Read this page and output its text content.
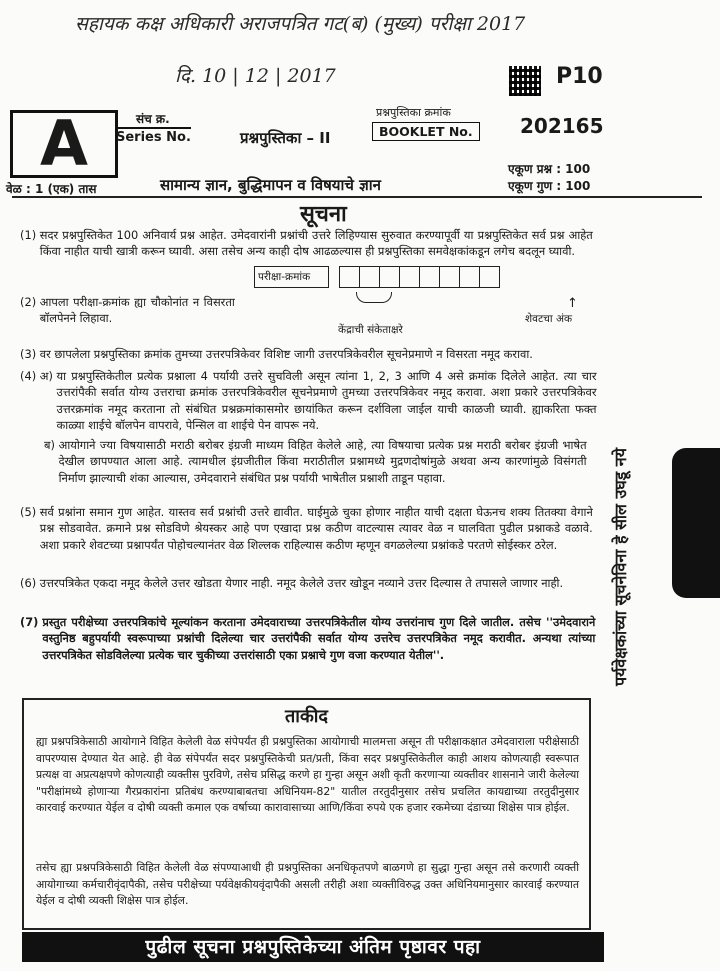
सहायक कक्ष अधिकारी अराजपत्रित गट(ब) (मुख्य) परीक्षा 2017
दि. 10 | 12 | 2017	P10
A	संच क्र.
Series No.	प्रश्नपुस्तिका – II
प्रश्नपुस्तिका क्रमांक
BOOKLET No.	202165
एकूण प्रश्न : 100
एकूण गुण : 100
वेळ : 1 (एक) तास	सामान्य ज्ञान, बुद्धिमापन व विषयाचे ज्ञान
सूचना
(1) सदर प्रश्नपुस्तिकेत 100 अनिवार्य प्रश्न आहेत. उमेदवारांनी प्रश्नांची उत्तरे लिहिण्यास सुरुवात करण्यापूर्वी या प्रश्नपुस्तिकेत सर्व प्रश्न आहेत किंवा नाहीत याची खात्री करून घ्यावी. असा तसेच अन्य काही दोष आढळल्यास ही प्रश्नपुस्तिका समवेक्षकांकडून लगेच बदलून घ्यावी.
(2) आपला परीक्षा-क्रमांक ह्या चौकोनांत न विसरता बॉलपेनने लिहावा.
परीक्षा-क्रमांक									
केंद्राची संकेताक्षरे
↑
शेवटचा अंक
(3) वर छापलेला प्रश्नपुस्तिका क्रमांक तुमच्या उत्तरपत्रिकेवर विशिष्ट जागी उत्तरपत्रिकेवरील सूचनेप्रमाणे न विसरता नमूद करावा.
(4) अ) या प्रश्नपुस्तिकेतील प्रत्येक प्रश्नाला 4 पर्यायी उत्तरे सुचविली असून त्यांना 1, 2, 3 आणि 4 असे क्रमांक दिलेले आहेत. त्या चार उत्तरांपैकी सर्वात योग्य उत्तराचा क्रमांक उत्तरपत्रिकेवरील सूचनेप्रमाणे तुमच्या उत्तरपत्रिकेवर नमूद करावा. अशा प्रकारे उत्तरपत्रिकेवर उत्तरक्रमांक नमूद करताना तो संबंधित प्रश्नक्रमांकासमोर छायांकित करून दर्शविला जाईल याची काळजी घ्यावी. ह्याकरिता फक्त काळ्या शाईचे बॉलपेन वापरावे, पेन्सिल वा शाईचे पेन वापरू नये.
ब) आयोगाने ज्या विषयासाठी मराठी बरोबर इंग्रजी माध्यम विहित केलेले आहे, त्या विषयाचा प्रत्येक प्रश्न मराठी बरोबर इंग्रजी भाषेत देखील छापण्यात आला आहे. त्यामधील इंग्रजीतील किंवा मराठीतील प्रश्नामध्ये मुद्रणदोषांमुळे अथवा अन्य कारणांमुळे विसंगती निर्माण झाल्याची शंका आल्यास, उमेदवाराने संबंधित प्रश्न पर्यायी भाषेतील प्रश्नाशी ताडून पहावा.
(5) सर्व प्रश्नांना समान गुण आहेत. यास्तव सर्व प्रश्नांची उत्तरे द्यावीत. घाईमुळे चुका होणार नाहीत याची दक्षता घेऊनच शक्य तितक्या वेगाने प्रश्न सोडवावेत. क्रमाने प्रश्न सोडविणे श्रेयस्कर आहे पण एखादा प्रश्न कठीण वाटल्यास त्यावर वेळ न घालविता पुढील प्रश्नाकडे वळावे. अशा प्रकारे शेवटच्या प्रश्नापर्यंत पोहोचल्यानंतर वेळ शिल्लक राहिल्यास कठीण म्हणून वगळलेल्या प्रश्नांकडे परतणे सोईस्कर ठरेल.
(6) उत्तरपत्रिकेत एकदा नमूद केलेले उत्तर खोडता येणार नाही. नमूद केलेले उत्तर खोडून नव्याने उत्तर दिल्यास ते तपासले जाणार नाही.
(7) प्रस्तुत परीक्षेच्या उत्तरपत्रिकांचे मूल्यांकन करताना उमेदवाराच्या उत्तरपत्रिकेतील योग्य उत्तरांनाच गुण दिले जातील. तसेच ''उमेदवाराने वस्तुनिष्ठ बहुपर्यायी स्वरूपाच्या प्रश्नांची दिलेल्या चार उत्तरांपैकी सर्वात योग्य उत्तरेच उत्तरपत्रिकेत नमूद करावीत. अन्यथा त्यांच्या उत्तरपत्रिकेत सोडविलेल्या प्रत्येक चार चुकीच्या उत्तरांसाठी एका प्रश्नाचे गुण वजा करण्यात येतील''.	पर्यवेक्षकांच्या सूचनेविना हे सील उघडू नये
ताकीद
ह्या प्रश्नपत्रिकेसाठी आयोगाने विहित केलेली वेळ संपेपर्यंत ही प्रश्नपुस्तिका आयोगाची मालमत्ता असून ती परीक्षाकक्षात उमेदवाराला परीक्षेसाठी वापरण्यास देण्यात येत आहे. ही वेळ संपेपर्यंत सदर प्रश्नपुस्तिकेची प्रत/प्रती, किंवा सदर प्रश्नपुस्तिकेतील काही आशय कोणत्याही स्वरूपात प्रत्यक्ष वा अप्रत्यक्षपणे कोणत्याही व्यक्तीस पुरविणे, तसेच प्रसिद्ध करणे हा गुन्हा असून अशी कृती करणाऱ्या व्यक्तीवर शासनाने जारी केलेल्या "परीक्षांमध्ये होणाऱ्या गैरप्रकारांना प्रतिबंध करण्याबाबतचा अधिनियम-82" यातील तरतुदीनुसार तसेच प्रचलित कायद्याच्या तरतुदीनुसार कारवाई करण्यात येईल व दोषी व्यक्ती कमाल एक वर्षाच्या कारावासाच्या आणि/किंवा रुपये एक हजार रकमेच्या दंडाच्या शिक्षेस पात्र होईल.
तसेच ह्या प्रश्नपत्रिकेसाठी विहित केलेली वेळ संपण्याआधी ही प्रश्नपुस्तिका अनधिकृतपणे बाळगणे हा सुद्धा गुन्हा असून तसे करणारी व्यक्ती आयोगाच्या कर्मचारीवृंदापैकी, तसेच परीक्षेच्या पर्यवेक्षकीयवृंदापैकी असली तरीही अशा व्यक्तीविरुद्ध उक्त अधिनियमानुसार कारवाई करण्यात येईल व दोषी व्यक्ती शिक्षेस पात्र होईल.
पुढील सूचना प्रश्नपुस्तिकेच्या अंतिम पृष्ठावर पहा
